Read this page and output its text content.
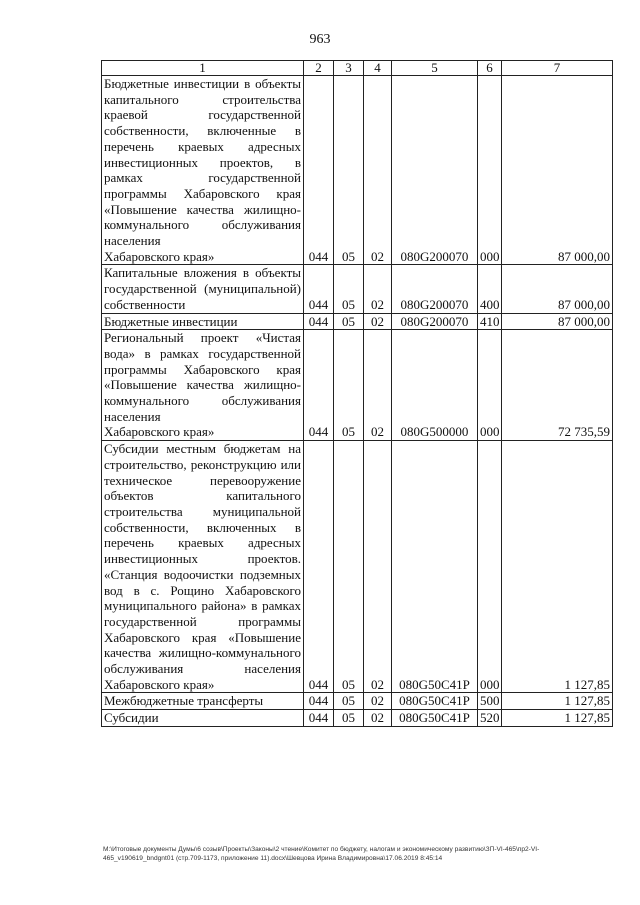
963
1	2	3	4	5	6	7
Бюджетные инвестиции в объекты капитального строительства краевой государственной собственности, включенные в перечень краевых адресных инвестиционных проектов, в рамках государственной программы Хабаровского края «Повышение качества жилищно-коммунального обслуживания населения
Хабаровского края»	044	05	02	080G200070	000	87 000,00
Капитальные вложения в объекты государственной (муниципальной)
собственности	044	05	02	080G200070	400	87 000,00

Бюджетные инвестиции	044	05	02	080G200070	410	87 000,00
Региональный проект «Чистая вода» в рамках государственной программы Хабаровского края «Повышение качества жилищно-коммунального обслуживания населения
Хабаровского края»	044	05	02	080G500000	000	72 735,59
Субсидии местным бюджетам на строительство, реконструкцию или техническое перевооружение объектов капитального строительства муниципальной собственности, включенных в перечень краевых адресных инвестиционных проектов. «Станция водоочистки подземных вод в с. Рощино Хабаровского муниципального района» в рамках государственной программы Хабаровского края «Повышение качества жилищно-коммунального обслуживания населения
Хабаровского края»	044	05	02	080G50C41P	000	1 127,85

Межбюджетные трансферты	044	05	02	080G50C41P	500	1 127,85

Субсидии	044	05	02	080G50C41P	520	1 127,85
M:\Итоговые документы Думы\6 созыв\Проекты\Законы\2 чтение\Комитет по бюджету, налогам и экономическому развитию\ЗП-VI-465\пр2-VI-
465_v190619_bndgnt01 (стр.709-1173, приложение 11).docx\Шевцова Ирина Владимировна\17.06.2019 8:45:14
